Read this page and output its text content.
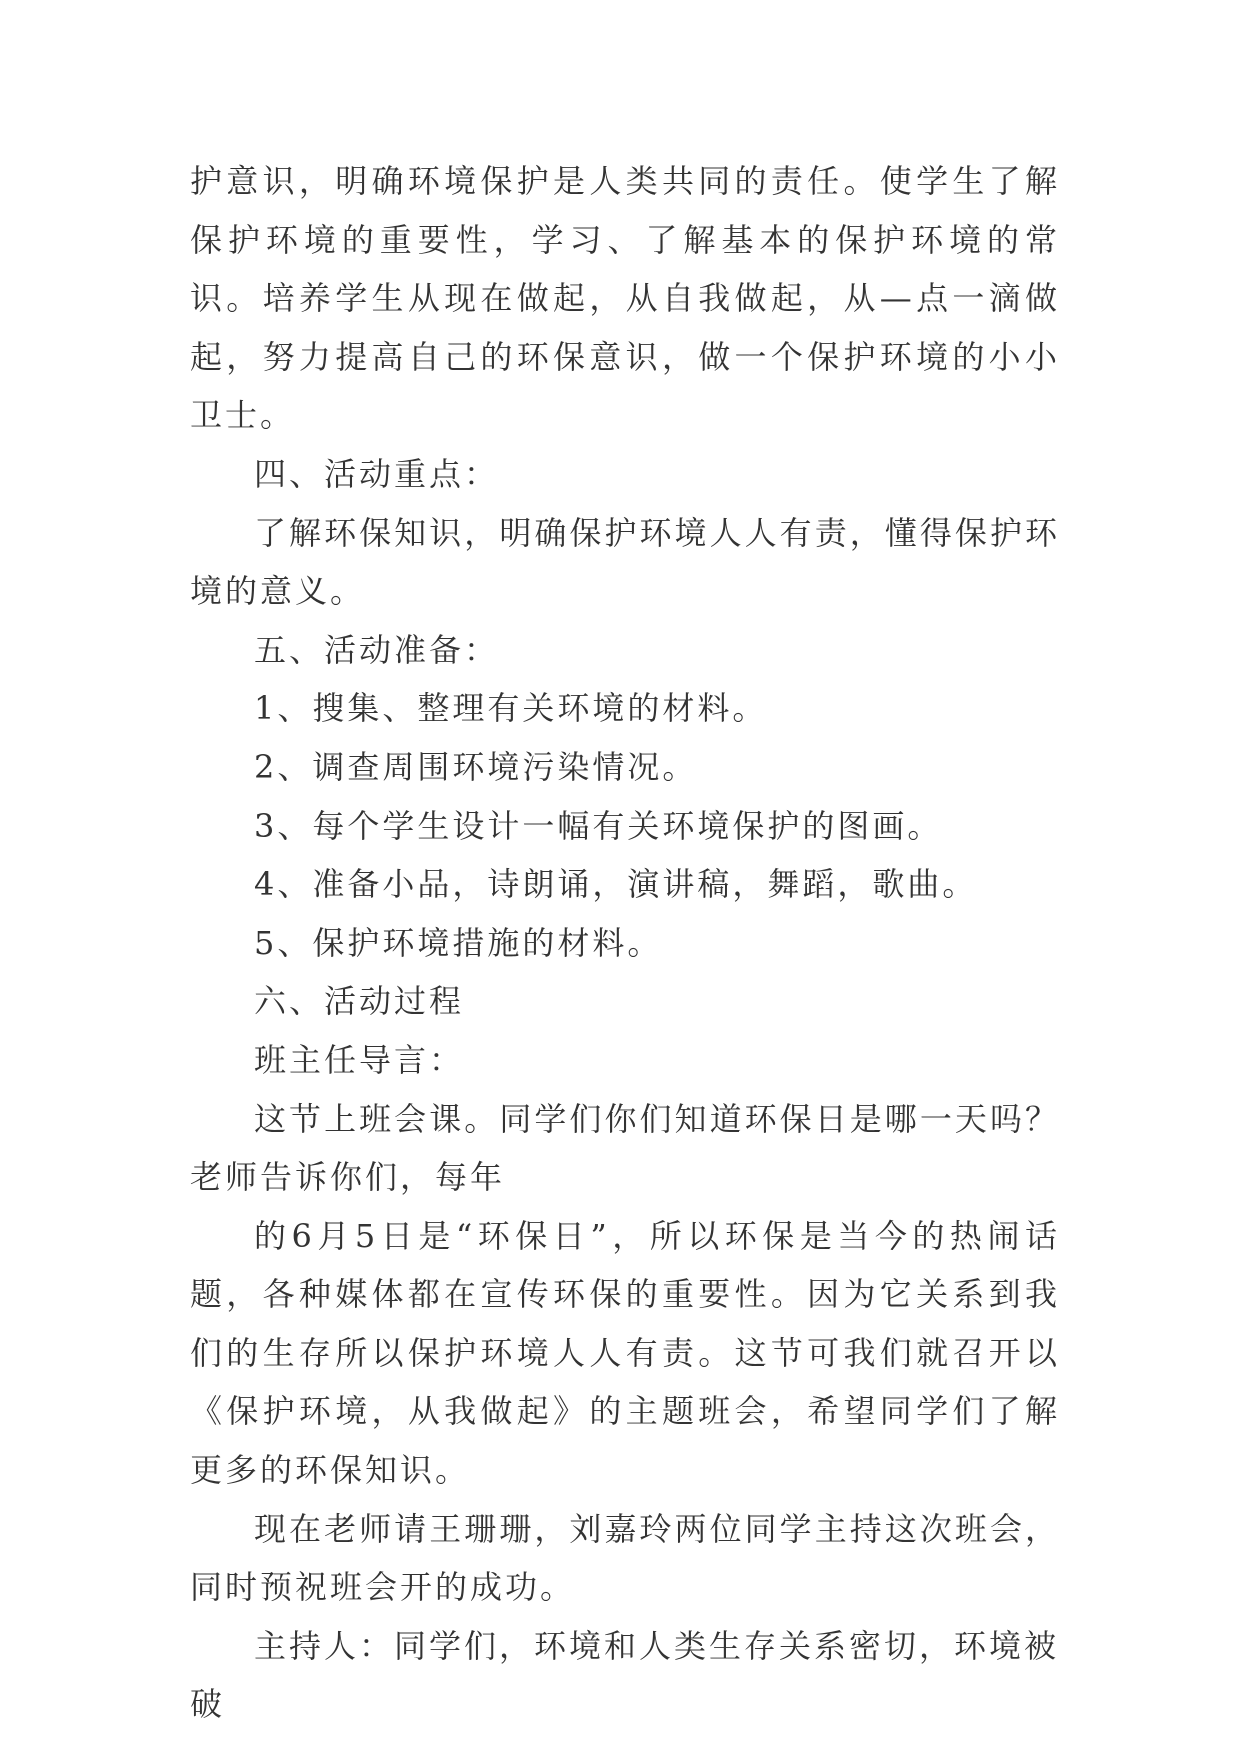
护意识，明确环境保护是人类共同的责任。使学生了解保护环境的重要性，学习、了解基本的保护环境的常识。培养学生从现在做起，从自我做起，从—点一滴做起，努力提高自己的环保意识，做一个保护环境的小小卫士。

四、活动重点：

了解环保知识，明确保护环境人人有责，懂得保护环境的意义。

五、活动准备：

1、搜集、整理有关环境的材料。

2、调查周围环境污染情况。

3、每个学生设计一幅有关环境保护的图画。

4、准备小品，诗朗诵，演讲稿，舞蹈，歌曲。

5、保护环境措施的材料。

六、活动过程

班主任导言：

这节上班会课。同学们你们知道环保日是哪一天吗？老师告诉你们，每年

的6月5日是“环保日”，所以环保是当今的热闹话题，各种媒体都在宣传环保的重要性。因为它关系到我们的生存所以保护环境人人有责。这节可我们就召开以《保护环境，从我做起》的主题班会，希望同学们了解更多的环保知识。

现在老师请王珊珊，刘嘉玲两位同学主持这次班会，同时预祝班会开的成功。

主持人：同学们，环境和人类生存关系密切，环境被破
